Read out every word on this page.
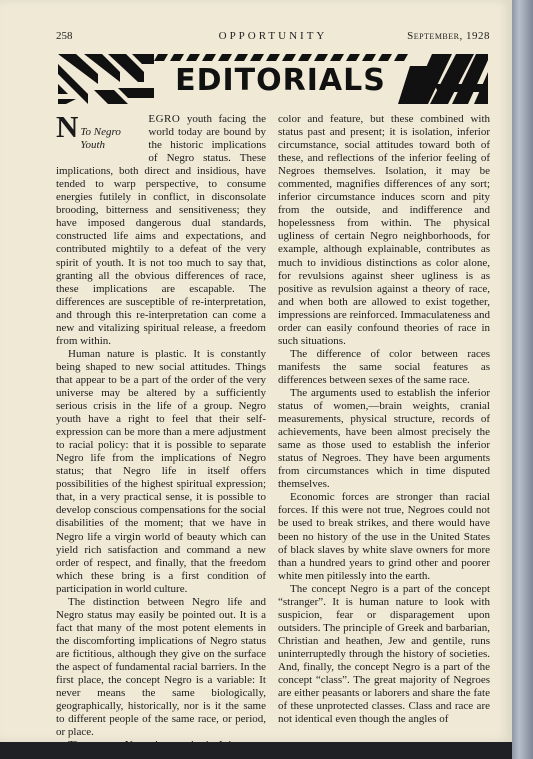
258	OPPORTUNITY	September, 1928
EDITORIALS

N	EGRO
To Negro Youth
youth facing the world today are bound by the historic implications of Negro status. These implications, both direct and insidious, have tended to warp perspective, to consume energies futilely in conflict, in disconsolate brooding, bitterness and sensitiveness; they have imposed dangerous dual standards, constructed life aims and expectations, and contributed mightily to a defeat of the very spirit of youth. It is not too much to say that, granting all the obvious differences of race, these implications are escapable. The differences are susceptible of re-interpretation, and through this re-interpretation can come a new and vitalizing spiritual release, a freedom from within.

Human nature is plastic. It is constantly being shaped to new social attitudes. Things that appear to be a part of the order of the very universe may be altered by a sufficiently serious crisis in the life of a group. Negro youth have a right to feel that their self-expression can be more than a mere adjustment to racial policy: that it is possible to separate Negro life from the implications of Negro status; that Negro life in itself offers possibilities of the highest spiritual expression; that, in a very practical sense, it is possible to develop conscious compensations for the social disabilities of the moment; that we have in Negro life a virgin world of beauty which can yield rich satisfaction and command a new order of respect, and finally, that the freedom which these bring is a first condition of participation in world culture.

The distinction between Negro life and Negro status may easily be pointed out. It is a fact that many of the most potent elements in the discomforting implications of Negro status are fictitious, although they give on the surface the aspect of fundamental racial barriers. In the first place, the concept Negro is a variable: It never means the same biologically, geographically, historically, nor is it the same to different people of the same race, or period, or place.

color and feature, but these combined with status past and present; it is isolation, inferior circumstance, social attitudes toward both of these, and reflections of the inferior feeling of Negroes themselves. Isolation, it may be commented, magnifies differences of any sort; inferior circumstance induces scorn and pity from the outside, and indifference and hopelessness from within. The physical ugliness of certain Negro neighborhoods, for example, although explainable, contributes as much to invidious distinctions as color alone, for revulsions against sheer ugliness is as positive as revulsion against a theory of race, and when both are allowed to exist together, impressions are reinforced. Immaculateness and order can easily confound theories of race in such situations.

The difference of color between races manifests the same social features as differences between sexes of the same race.

The arguments used to establish the inferior status of women,—brain weights, cranial measurements, physical structure, records of achievements, have been almost precisely the same as those used to establish the inferior status of Negroes. They have been arguments from circumstances which in time disputed themselves.

Economic forces are stronger than racial forces. If this were not true, Negroes could not be used to break strikes, and there would have been no history of the use in the United States of black slaves by white slave owners for more than a hundred years to grind other and poorer white men pitilessly into the earth.

The concept Negro is a part of the concept “stranger”. It is human nature to look with suspicion, fear or disparagement upon outsiders. The principle of Greek and barbarian, Christian and heathen, Jew and gentile, runs uninterruptedly through the history of societies. And, finally, the concept Negro is a part of the concept “class”. The great majority of Negroes are either peasants or laborers and share the fate of these unprotected classes. Class and race are not identical even though the angles of
